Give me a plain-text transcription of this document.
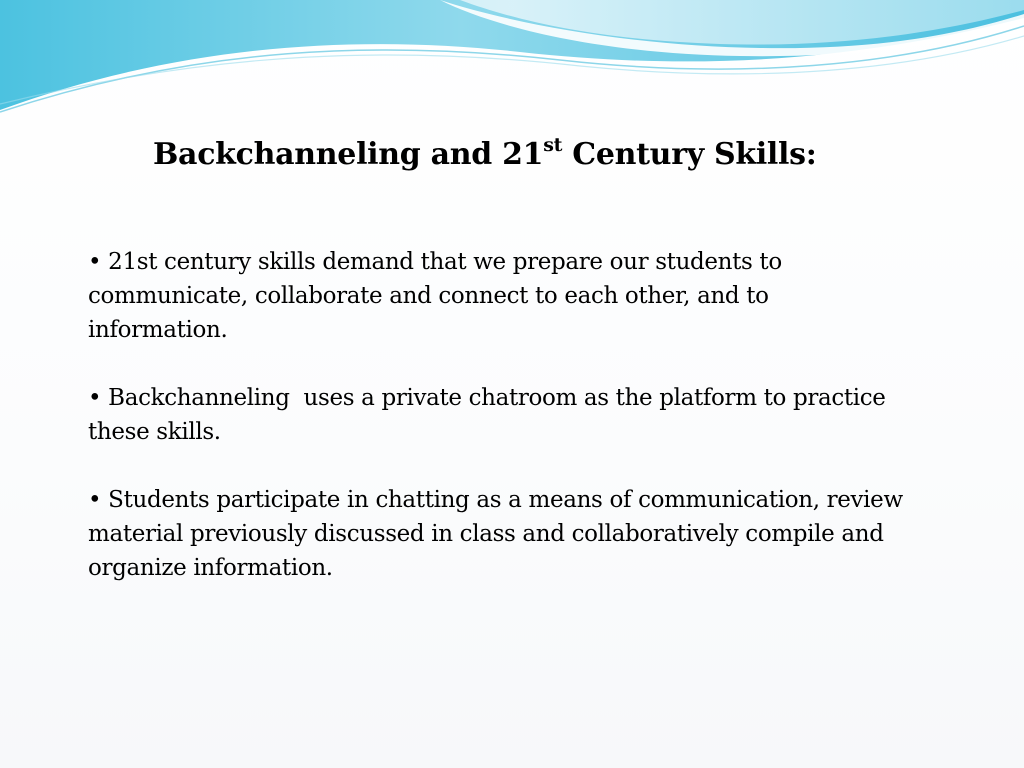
Backchanneling and 21st Century Skills:

• 21st century skills demand that we prepare our students to
communicate, collaborate and connect to each other, and to
information.

• Backchanneling  uses a private chatroom as the platform to practice
these skills.

• Students participate in chatting as a means of communication, review
material previously discussed in class and collaboratively compile and
organize information.
